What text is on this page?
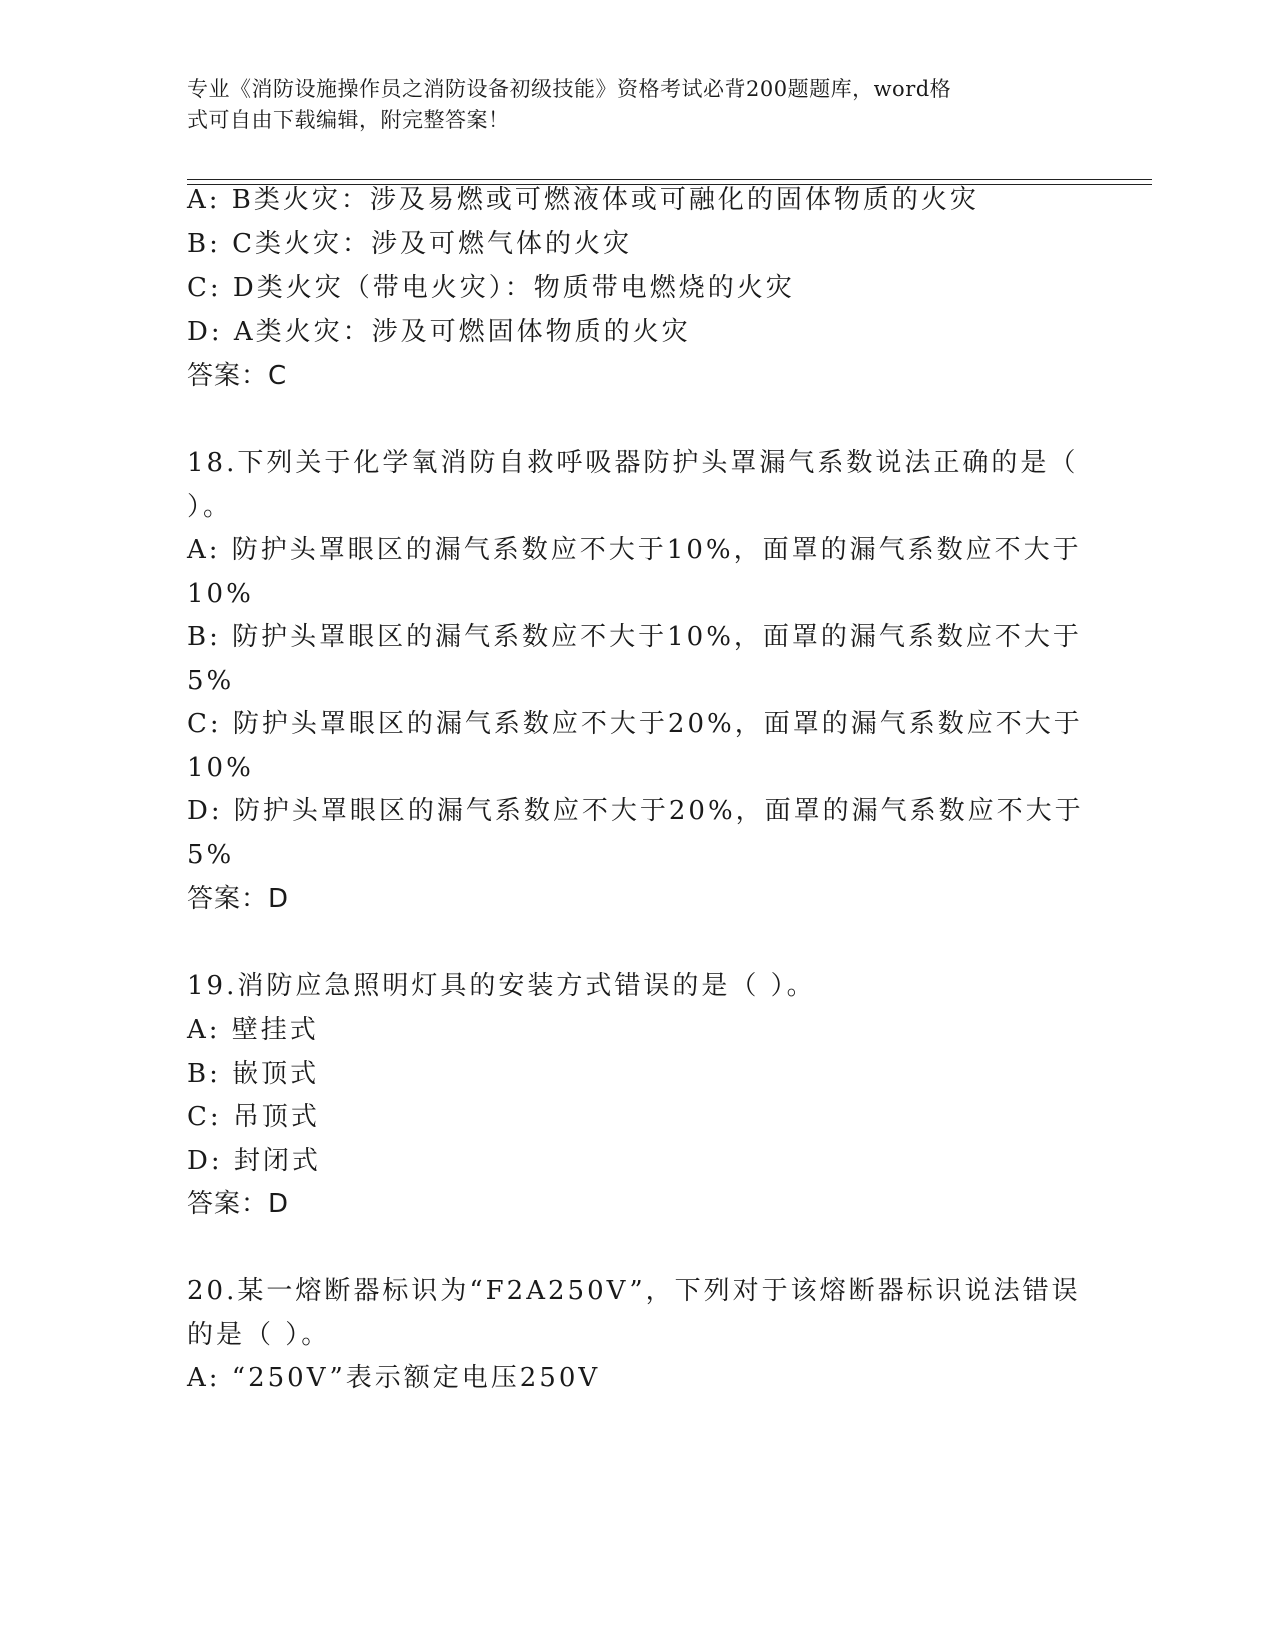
专业《消防设施操作员之消防设备初级技能》资格考试必背200题题库，word格
式可自由下载编辑，附完整答案！
A: B类火灾：涉及易燃或可燃液体或可融化的固体物质的火灾
B: C类火灾：涉及可燃气体的火灾
C: D类火灾（带电火灾）：物质带电燃烧的火灾
D: A类火灾：涉及可燃固体物质的火灾
答案：C
18.下列关于化学氧消防自救呼吸器防护头罩漏气系数说法正确的是（
）。
A: 防护头罩眼区的漏气系数应不大于10%，面罩的漏气系数应不大于
10%
B: 防护头罩眼区的漏气系数应不大于10%，面罩的漏气系数应不大于
5%
C: 防护头罩眼区的漏气系数应不大于20%，面罩的漏气系数应不大于
10%
D: 防护头罩眼区的漏气系数应不大于20%，面罩的漏气系数应不大于
5%
答案：D
19.消防应急照明灯具的安装方式错误的是（ ）。
A: 壁挂式
B: 嵌顶式
C: 吊顶式
D: 封闭式
答案：D
20.某一熔断器标识为“F2A250V”，下列对于该熔断器标识说法错误
的是（ ）。
A: “250V”表示额定电压250V
